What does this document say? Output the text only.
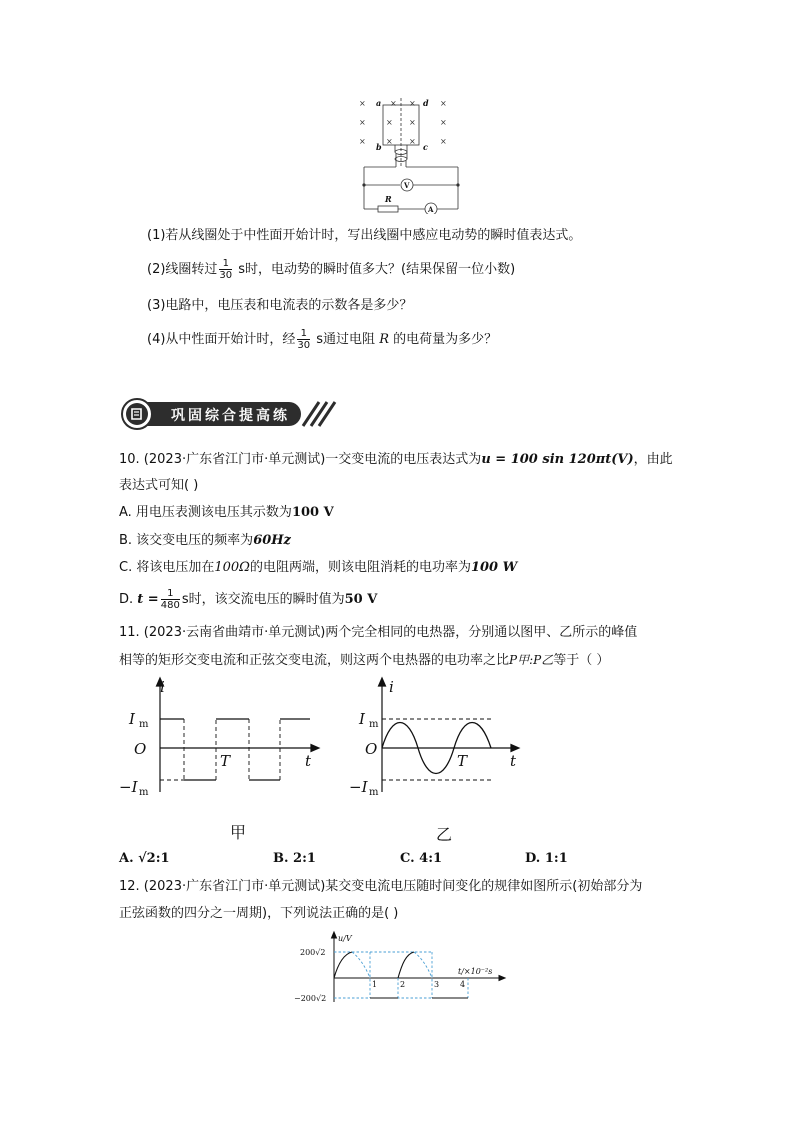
×	× ×	×
×	× ×	×
×	× ×	×
a	d
b	c
V
R
A
(1)若从线圈处于中性面开始计时，写出线圈中感应电动势的瞬时值表达式。
(2)线圈转过 $\frac{1}{30}$ s时，电动势的瞬时值多大？(结果保留一位小数)
(3)电路中，电压表和电流表的示数各是多少？
(4)从中性面开始计时，经 $\frac{1}{30}$ s通过电阻 R 的电荷量为多少？
巩固综合提高练
10. (2023·广东省江门市·单元测试)一交变电流的电压表达式为u = 100 sin 120πt(V)，由此
表达式可知( )
A. 用电压表测该电压其示数为100 V
B. 该交变电压的频率为60Hz
C. 将该电压加在100Ω的电阻两端，则该电阻消耗的电功率为100 W
D. $t = \frac{1}{480}$ s时，该交流电压的瞬时值为50 V
11. (2023·云南省曲靖市·单元测试)两个完全相同的电热器，分别通以图甲、乙所示的峰值
相等的矩形交变电流和正弦交变电流，则这两个电热器的电功率之比P甲:P乙等于（ ）
i
I m
O
T	t
−I m
i
I m
O
T	t
−I m
甲	乙
A. √2:1	B. 2:1	C. 4:1	D. 1:1
12. (2023·广东省江门市·单元测试)某交变电流电压随时间变化的规律如图所示(初始部分为
正弦函数的四分之一周期)，下列说法正确的是( )
u/V
t/×10⁻²s
200√2
−200√2
1	2	3	4
